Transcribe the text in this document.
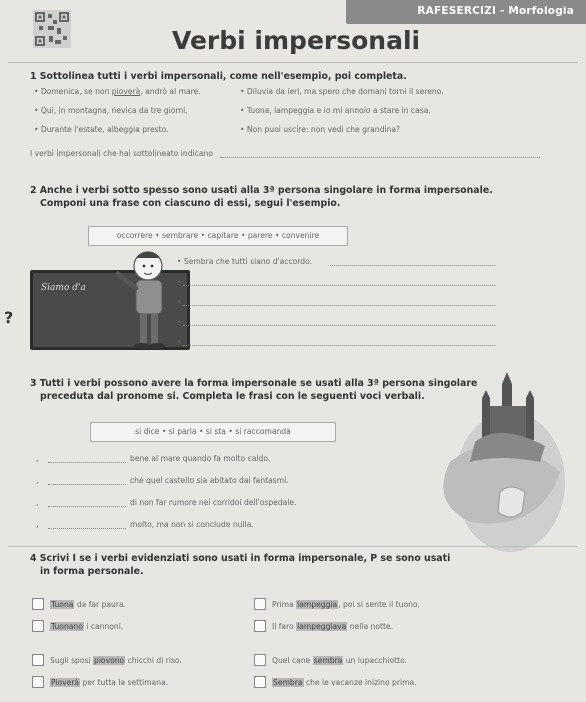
RAFESERCIZI - Morfologia
Verbi impersonali
1 Sottolinea tutti i verbi impersonali, come nell'esempio, poi completa.
• Domenica, se non pioverà, andrò al mare.
• Qui, in montagna, nevica da tre giorni.
• Durante l'estate, albeggia presto.
• Diluvia da ieri, ma spero che domani torni il sereno.
• Tuona, lampeggia e io mi annoio a stare in casa.
• Non puoi uscire: non vedi che grandina?
I verbi impersonali che hai sottolineato indicano
2 Anche i verbi sotto spesso sono usati alla 3ª persona singolare in forma impersonale.
Componi una frase con ciascuno di essi, segui l'esempio.
occorrere • sembrare • capitare • parere • convenire
Siamo d'a
?
• Sembra che tutti siano d'accordo.
•
•
•
•
3 Tutti i verbi possono avere la forma impersonale se usati alla 3ª persona singolare
preceduta dal pronome si. Completa le frasi con le seguenti voci verbali.
si dice • si parla • si sta • si raccomanda
,	bene al mare quando fa molto caldo.
,	che quel castello sia abitato dai fantasmi.
,	di non far rumore nei corridoi dell'ospedale.
,	molto, ma non si conclude nulla.
4 Scrivi I se i verbi evidenziati sono usati in forma impersonale, P se sono usati
in forma personale.
Tuona da far paura.	Prima lampeggia, poi si sente il tuono.
Tuonano i cannoni.	Il faro lampeggiava nella notte.
Sugli sposi piovono chicchi di riso.	Quel cane sembra un lupacchiotto.
Pioverà per tutta la settimana.	Sembra che le vacanze inizino prima.
